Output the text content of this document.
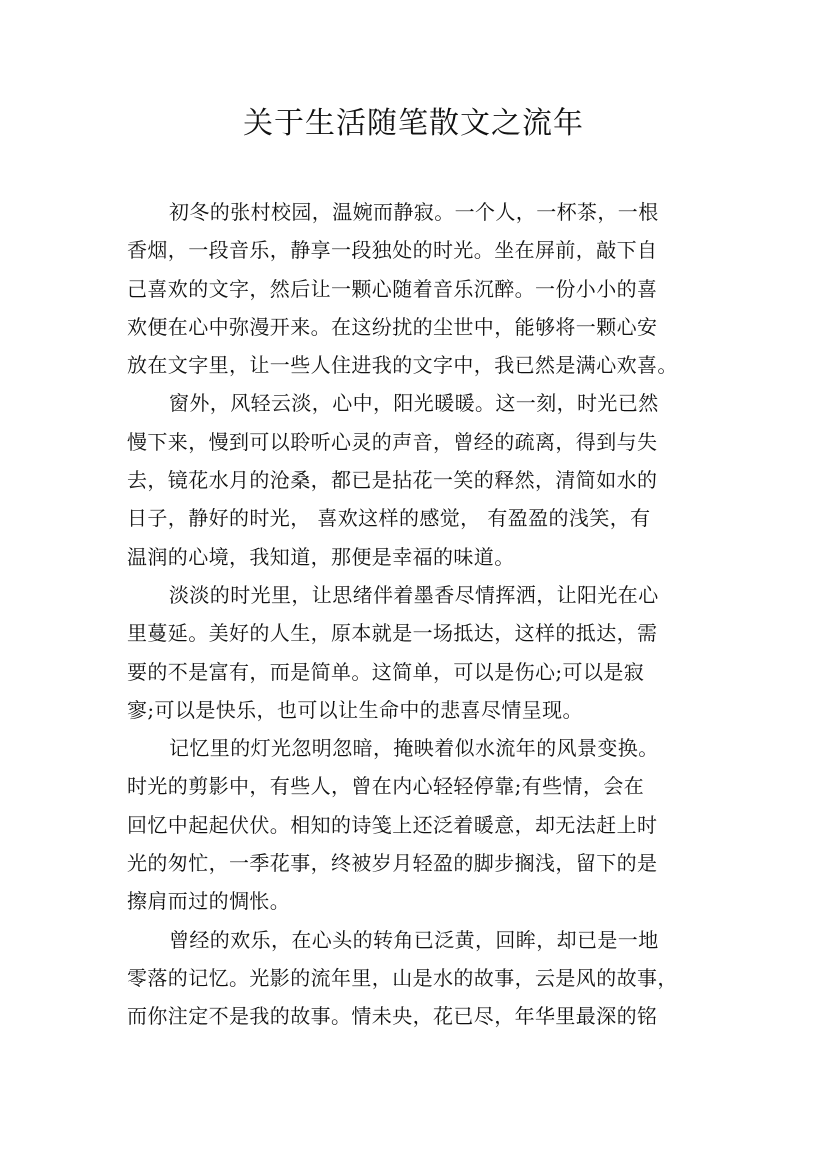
关于生活随笔散文之流年
初冬的张村校园，温婉而静寂。一个人，一杯茶，一根
香烟，一段音乐，静享一段独处的时光。坐在屏前，敲下自
己喜欢的文字，然后让一颗心随着音乐沉醉。一份小小的喜
欢便在心中弥漫开来。在这纷扰的尘世中，能够将一颗心安
放在文字里，让一些人住进我的文字中，我已然是满心欢喜。
窗外，风轻云淡，心中，阳光暖暖。这一刻，时光已然
慢下来，慢到可以聆听心灵的声音，曾经的疏离，得到与失
去，镜花水月的沧桑，都已是拈花一笑的释然，清简如水的
日子，静好的时光， 喜欢这样的感觉， 有盈盈的浅笑，有
温润的心境，我知道，那便是幸福的味道。
淡淡的时光里，让思绪伴着墨香尽情挥洒，让阳光在心
里蔓延。美好的人生，原本就是一场抵达，这样的抵达，需
要的不是富有，而是简单。这简单，可以是伤心;可以是寂
寥;可以是快乐，也可以让生命中的悲喜尽情呈现。
记忆里的灯光忽明忽暗，掩映着似水流年的风景变换。
时光的剪影中，有些人，曾在内心轻轻停靠;有些情，会在
回忆中起起伏伏。相知的诗笺上还泛着暖意，却无法赶上时
光的匆忙，一季花事，终被岁月轻盈的脚步搁浅，留下的是
擦肩而过的惆怅。
曾经的欢乐，在心头的转角已泛黄，回眸，却已是一地
零落的记忆。光影的流年里，山是水的故事，云是风的故事，
而你注定不是我的故事。情未央，花已尽，年华里最深的铭
